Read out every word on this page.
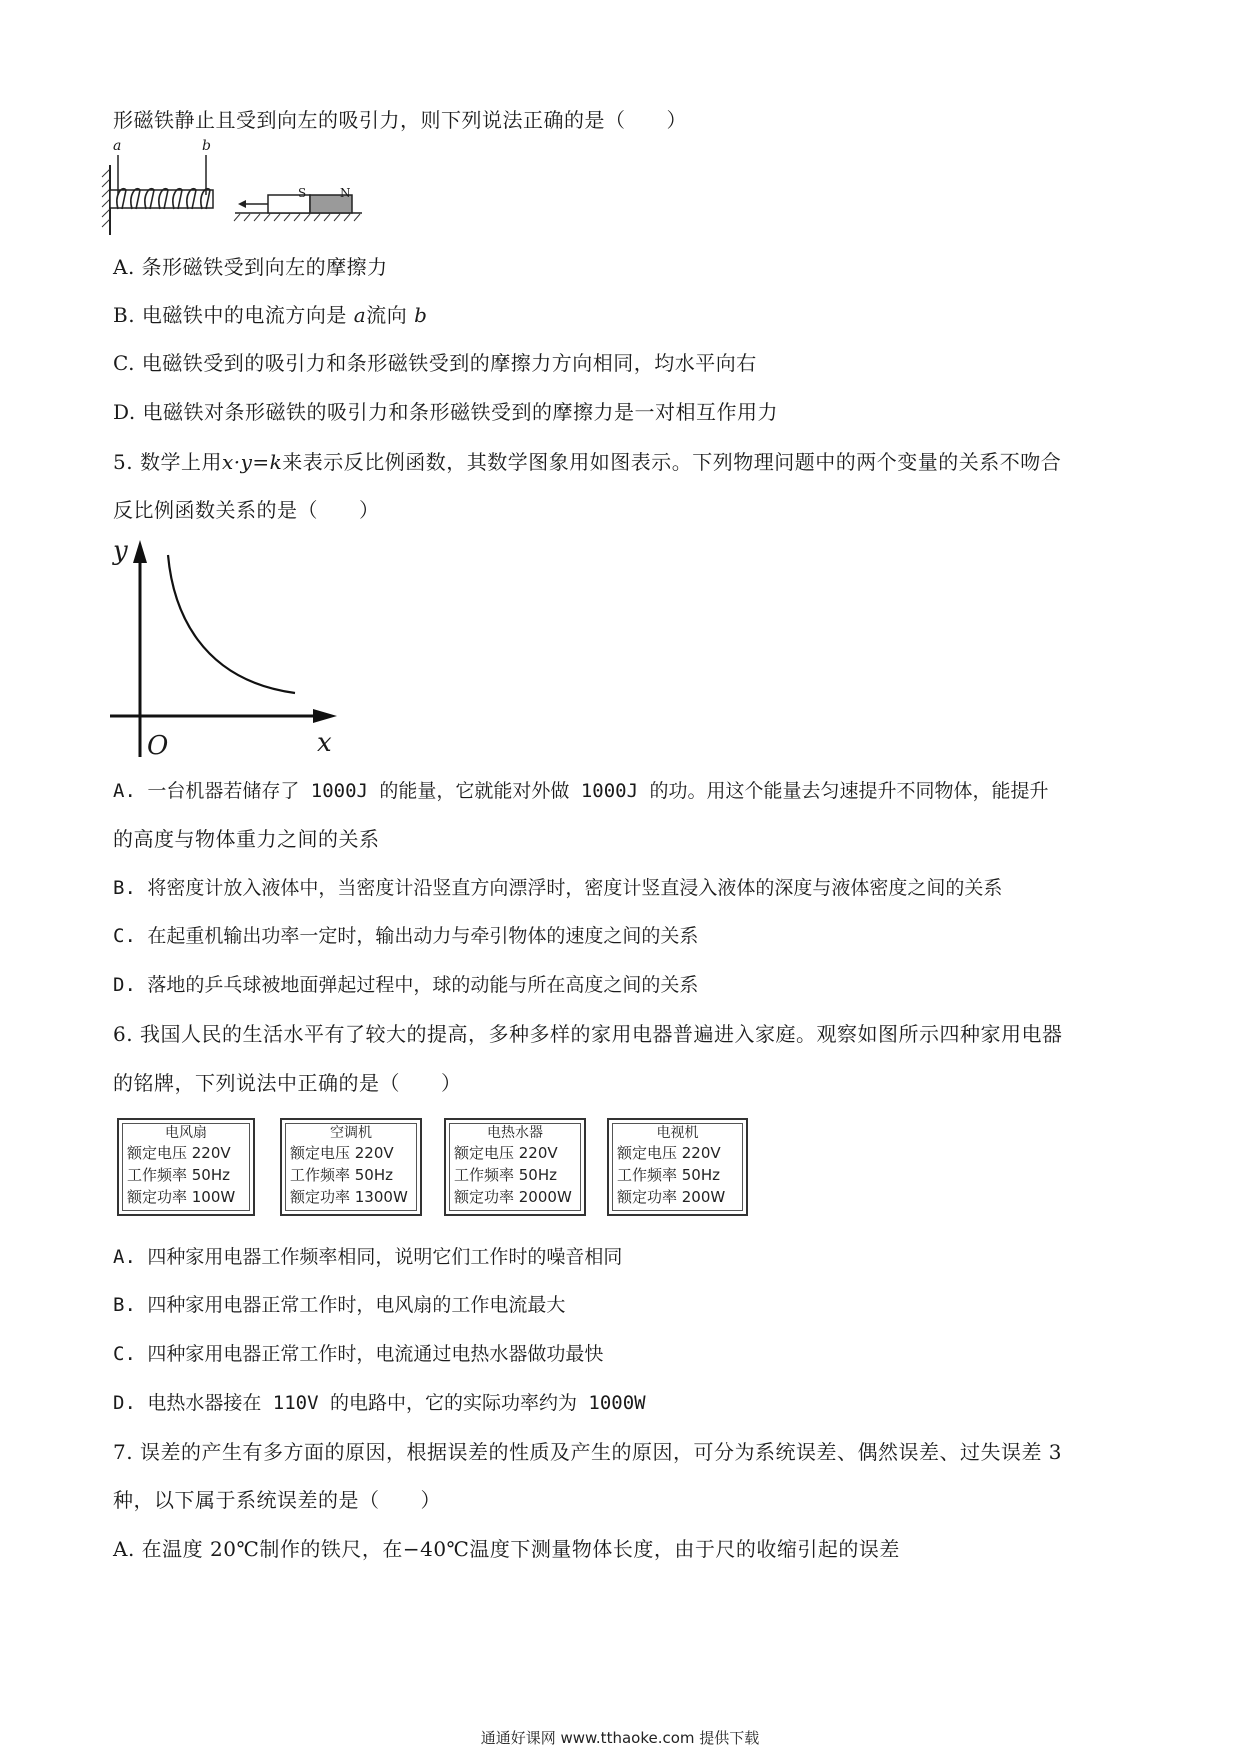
形磁铁静止且受到向左的吸引力，则下列说法正确的是（　　）
a	b
S	N
A. 条形磁铁受到向左的摩擦力
B. 电磁铁中的电流方向是 a流向 b
C. 电磁铁受到的吸引力和条形磁铁受到的摩擦力方向相同，均水平向右
D. 电磁铁对条形磁铁的吸引力和条形磁铁受到的摩擦力是一对相互作用力
5. 数学上用x·y=k来表示反比例函数，其数学图象用如图表示。下列物理问题中的两个变量的关系不吻合
反比例函数关系的是（　　）
y
x
O
A. 一台机器若储存了 1000J 的能量，它就能对外做 1000J 的功。用这个能量去匀速提升不同物体，能提升
的高度与物体重力之间的关系
B. 将密度计放入液体中，当密度计沿竖直方向漂浮时，密度计竖直浸入液体的深度与液体密度之间的关系
C. 在起重机输出功率一定时，输出动力与牵引物体的速度之间的关系
D. 落地的乒乓球被地面弹起过程中，球的动能与所在高度之间的关系
6. 我国人民的生活水平有了较大的提高，多种多样的家用电器普遍进入家庭。观察如图所示四种家用电器
的铭牌，下列说法中正确的是（　　）
电风扇
额定电压 220V
工作频率 50Hz
额定功率 100W
空调机
额定电压 220V
工作频率 50Hz
额定功率 1300W
电热水器
额定电压 220V
工作频率 50Hz
额定功率 2000W
电视机
额定电压 220V
工作频率 50Hz
额定功率 200W
A. 四种家用电器工作频率相同，说明它们工作时的噪音相同
B. 四种家用电器正常工作时，电风扇的工作电流最大
C. 四种家用电器正常工作时，电流通过电热水器做功最快
D. 电热水器接在 110V 的电路中，它的实际功率约为 1000W
7. 误差的产生有多方面的原因，根据误差的性质及产生的原因，可分为系统误差、偶然误差、过失误差 3
种，以下属于系统误差的是（　　）
A. 在温度 20℃制作的铁尺，在−40℃温度下测量物体长度，由于尺的收缩引起的误差
通通好课网 www.tthaoke.com 提供下载
